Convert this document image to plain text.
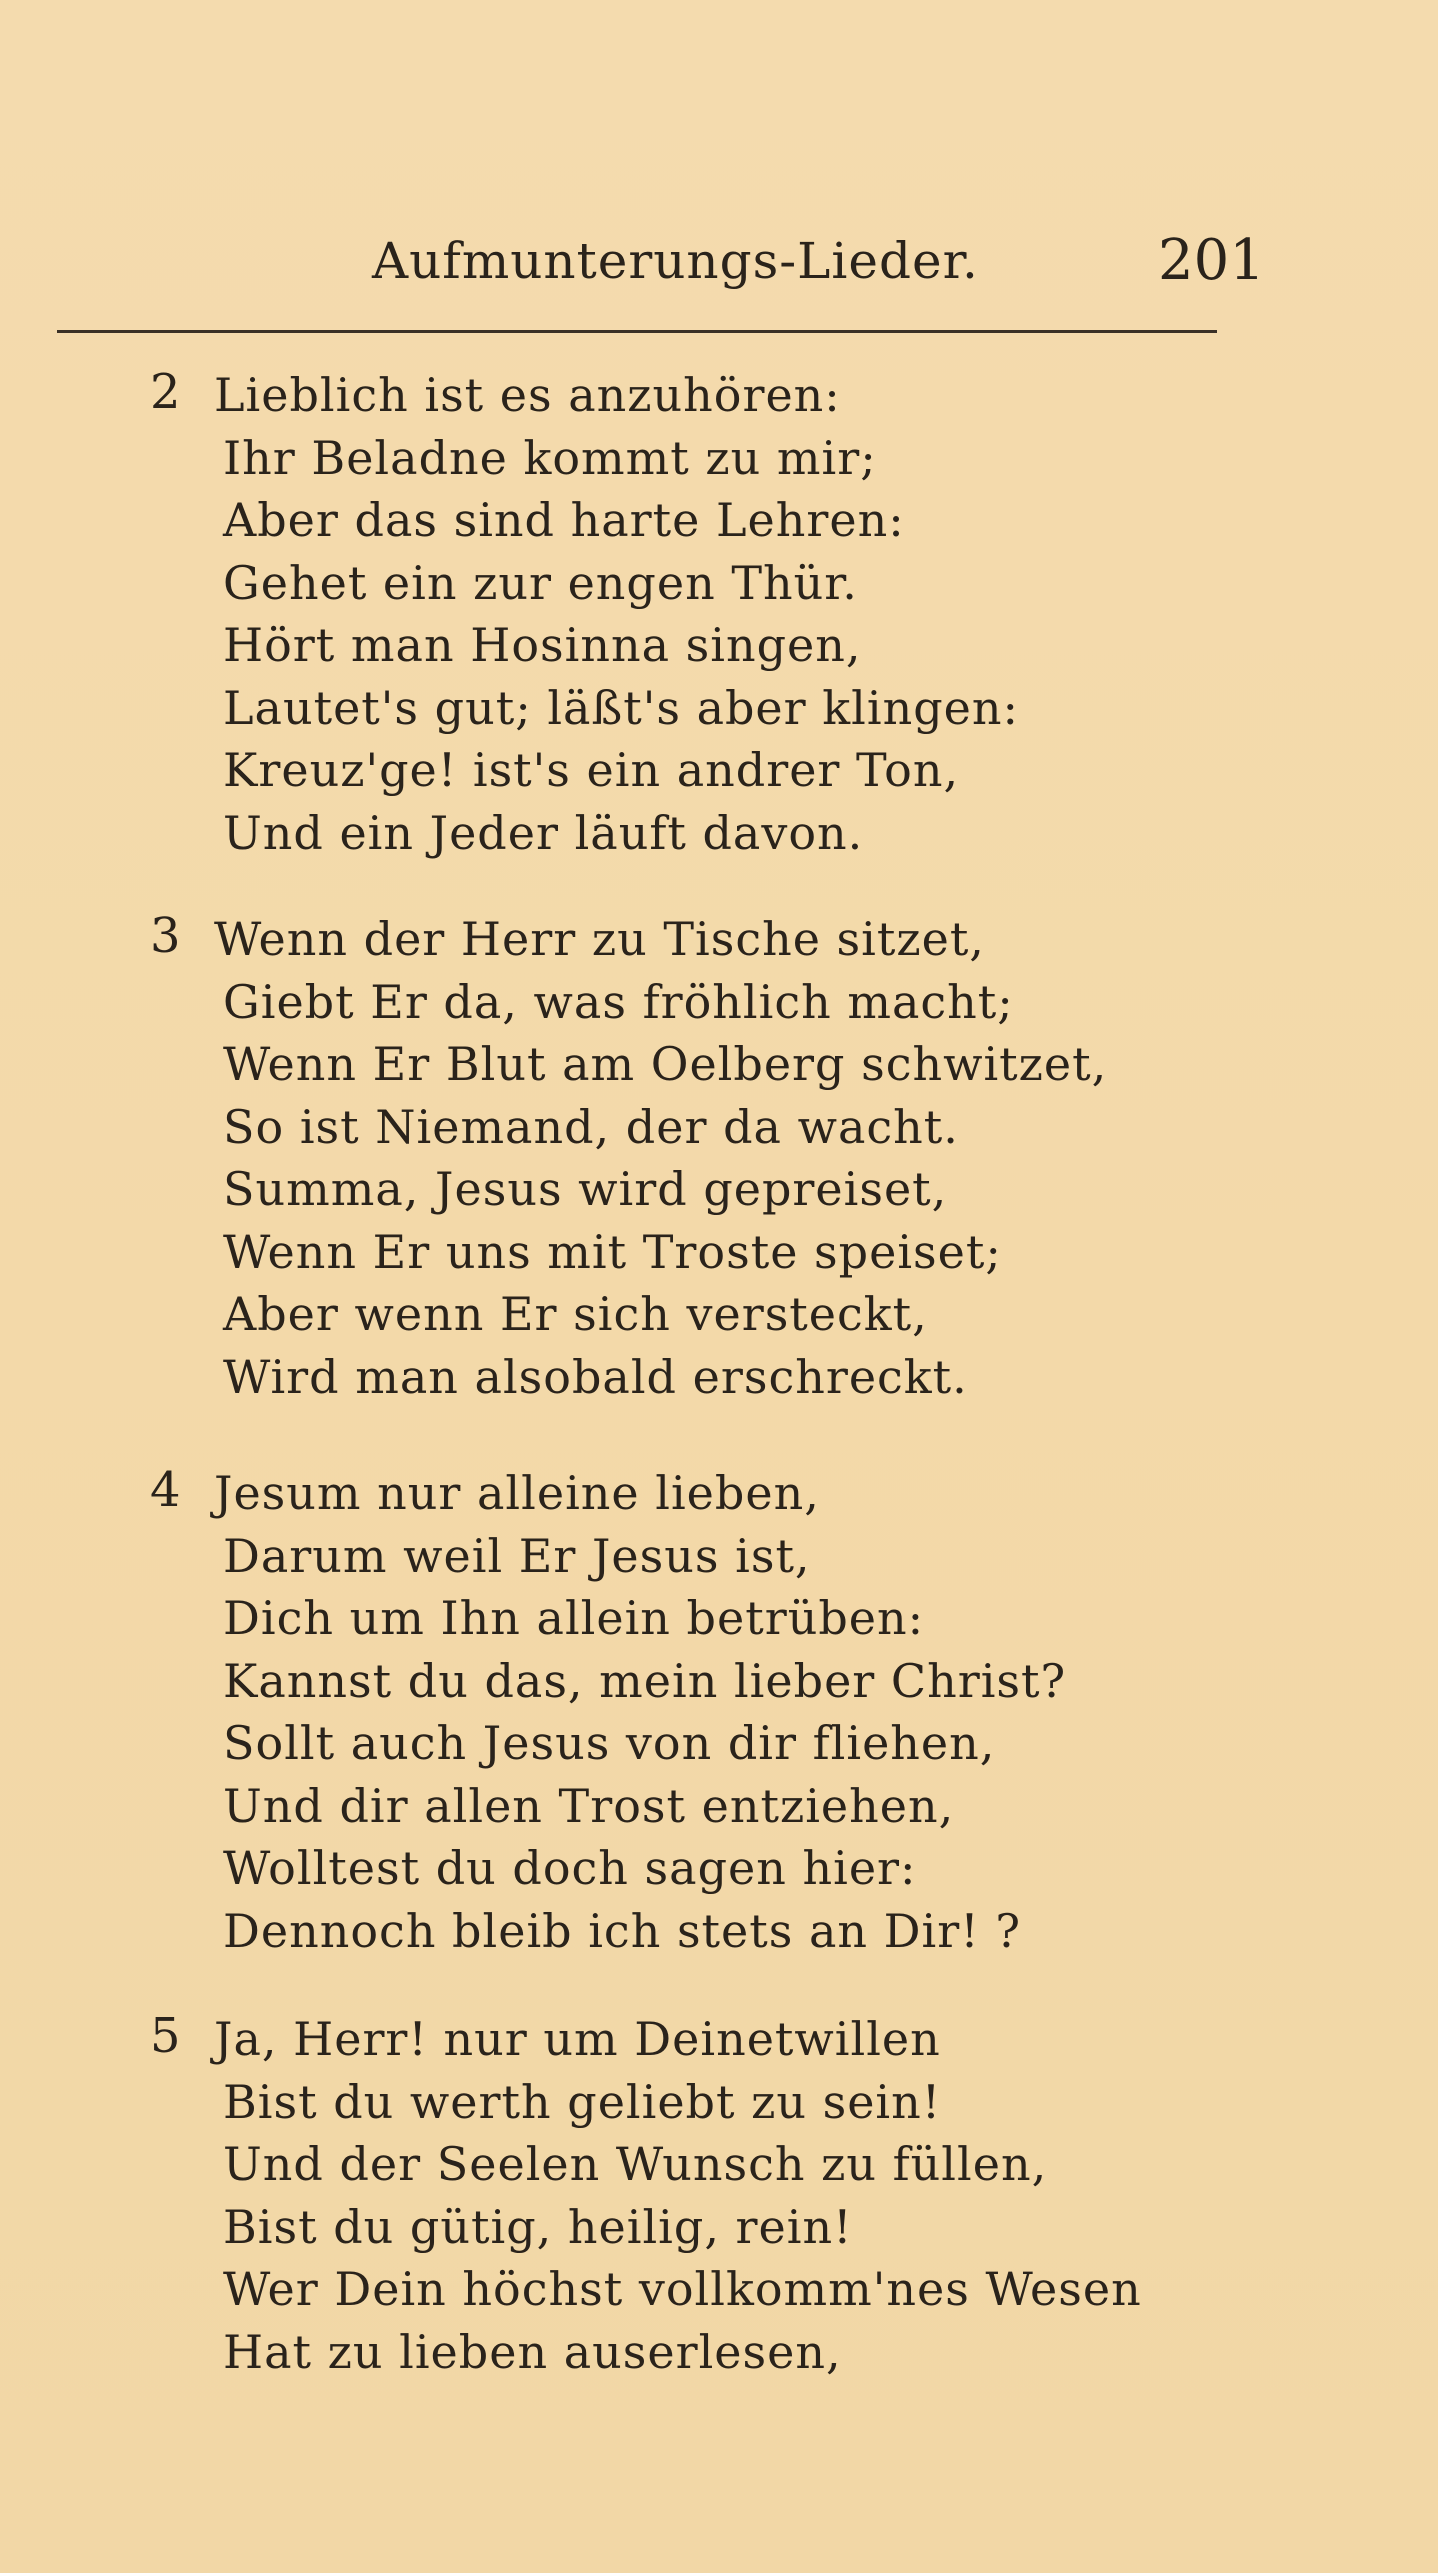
Aufmunterungs-Lieder.	201
2 Lieblich ist es anzuhören:
Ihr Beladne kommt zu mir;
Aber das sind harte Lehren:
Gehet ein zur engen Thür.
Hört man Hosinna singen,
Lautet's gut; läßt's aber klingen:
Kreuz'ge! ist's ein andrer Ton,
Und ein Jeder läuft davon.
3 Wenn der Herr zu Tische sitzet,
Giebt Er da, was fröhlich macht;
Wenn Er Blut am Oelberg schwitzet,
So ist Niemand, der da wacht.
Summa, Jesus wird gepreiset,
Wenn Er uns mit Troste speiset;
Aber wenn Er sich versteckt,
Wird man alsobald erschreckt.
4 Jesum nur alleine lieben,
Darum weil Er Jesus ist,
Dich um Ihn allein betrüben:
Kannst du das, mein lieber Christ?
Sollt auch Jesus von dir fliehen,
Und dir allen Trost entziehen,
Wolltest du doch sagen hier:
Dennoch bleib ich stets an Dir! ?
5 Ja, Herr! nur um Deinetwillen
Bist du werth geliebt zu sein!
Und der Seelen Wunsch zu füllen,
Bist du gütig, heilig, rein!
Wer Dein höchst vollkomm'nes Wesen
Hat zu lieben auserlesen,
